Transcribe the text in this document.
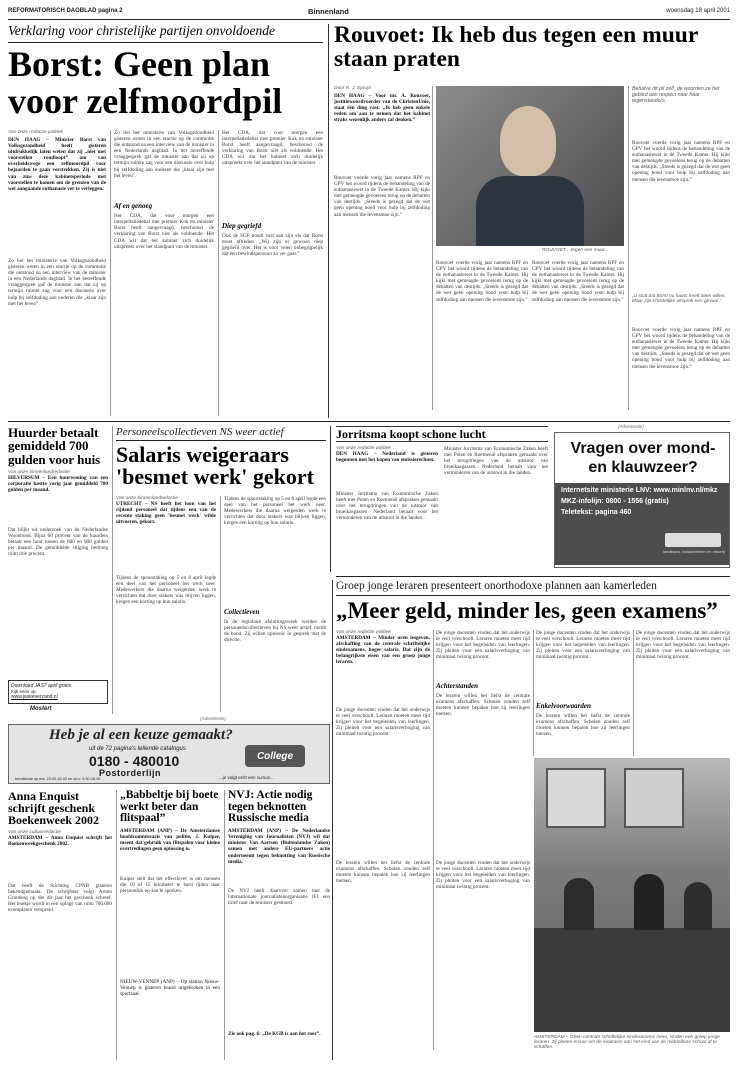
REFORMATORISCH DAGBLAD pagina 2	Binnenland	woensdag 18 april 2001
Verklaring voor christelijke partijen onvoldoende
Borst: Geen plan voor zelfmoordpil
Van onze redactie politiek
DEN HAAG – Minister Borst van Volksgezondheid heeft gisteren uitdrukkelijk laten weten dat zij „niet met voorstellen rondloopt” om van overheidswege een zelfmoordpil voor bejaarden te gaan verstrekken. Zij is niet van zins deze kabinetsperiode met voorstellen te komen om de grenzen van de wet aangaande euthanasie ver te verleggen.
Zo liet het ministerie van Volksgezondheid gisteren weten in een reactie op de commotie die ontstond na een interview van de minister in een Nederlands dagblad. In het betreffende vraaggesprek gaf de minister aan dat zij op termijn ruimte zag voor een discussie over hulp bij zelfdoding aan ouderen die „klaar zijn met het leven”.
Zo liet het ministerie van Volksgezondheid gisteren weten in een reactie op de commotie die ontstond na een interview van de minister in een Nederlands dagblad. In het betreffende vraaggesprek gaf de minister aan dat zij op termijn ruimte zag voor een discussie over hulp bij zelfdoding aan ouderen die „klaar zijn met het leven”.
Af en genoeg
Het CDA, dat voor morgen een interpellatiedebat met premier Kok en minister Borst heeft aangevraagd, beschouwt de verklaring van Borst niet als voldoende. Het CDA wil dat het kabinet zich duidelijk uitspreekt over het standpunt van de minister.
Het CDA, dat voor morgen een interpellatiedebat met premier Kok en minister Borst heeft aangevraagd, beschouwt de verklaring van Borst niet als voldoende. Het CDA wil dat het kabinet zich duidelijk uitspreekt over het standpunt van de minister.
Diep gegriefd
Ook de SGP houdt vast aan zijn eis dat Borst moet aftreden. „Wij zijn er gewoon diep gegriefd over. Het is voor velen onbegrijpelijk dat een bewindspersoon zo ver gaat.”
Rouvoet: Ik heb dus tegen een muur staan praten
Door R. J. Spruyt
DEN HAAG – Voor mr. A. Rouvoet, justitiewoordvoerder van de ChristenUnie, staat één ding vast: „Ik heb geen enkele reden om aan te nemen dat het kabinet straks wezenlijk anders zal denken.”
Rouvoet voerde vorig jaar namens RPF en GPV het woord tijdens de behandeling van de euthanasiewet in de Tweede Kamer. Hij kijkt met gemengde gevoelens terug op de debatten van destijds. „Steeds is gezegd dat de wet geen opening bood voor hulp bij zelfdoding aan mensen die levensmoe zijn.”
ROUVOET ...tegen een muur...
Rouvoet voerde vorig jaar namens RPF en GPV het woord tijdens de behandeling van de euthanasiewet in de Tweede Kamer. Hij kijkt met gemengde gevoelens terug op de debatten van destijds. „Steeds is gezegd dat de wet geen opening bood voor hulp bij zelfdoding aan mensen die levensmoe zijn.”
Rouvoet voerde vorig jaar namens RPF en GPV het woord tijdens de behandeling van de euthanasiewet in de Tweede Kamer. Hij kijkt met gemengde gevoelens terug op de debatten van destijds. „Steeds is gezegd dat de wet geen opening bood voor hulp bij zelfdoding aan mensen die levensmoe zijn.”
Behalve dit pil zelf, de woorden ze het gebied aan respect naar haar tegenstanders.
Rouvoet voerde vorig jaar namens RPF en GPV het woord tijdens de behandeling van de euthanasiewet in de Tweede Kamer. Hij kijkt met gemengde gevoelens terug op de debatten van destijds. „Steeds is gezegd dat de wet geen opening bood voor hulp bij zelfdoding aan mensen die levensmoe zijn.”
„U stuit dat Borst nu haast heeft laten willen. Maar zijn christelijke uitsprak een gevaar.”
Rouvoet voerde vorig jaar namens RPF en GPV het woord tijdens de behandeling van de euthanasiewet in de Tweede Kamer. Hij kijkt met gemengde gevoelens terug op de debatten van destijds. „Steeds is gezegd dat de wet geen opening bood voor hulp bij zelfdoding aan mensen die levensmoe zijn.”
Huurder betaalt gemiddeld 700 gulden voor huis
Van onze binnenlandredactie
HILVERSUM – Een huurwoning van een corporatie kostte vorig jaar gemiddeld 700 gulden per maand.
Dat blijkt uit onderzoek van de Nederlandse Woonbond. Bijna 60 procent van de huurders betaalt een huur tussen de 600 en 900 gulden per maand. De gemiddelde stijging bedroeg ruim drie procent.
Download JAS? april gratis
Kijk eens op:
www.jaskeverzand.nl
Mostert
Personeelscollectieven NS weer actief
Salaris weigeraars 'besmet werk' gekort
Van onze binnenlandredactie
UTRECHT – NS heeft het loon van het rijdend personeel dat tijdens een van de recente staking geen 'besmet werk' wilde uitvoeren, gekort.
Tijdens de spoorstaking op 5 en 6 april legde een deel van het personeel het werk neer. Medewerkers die daarna weigerden werk te verrichten dat door stakers was blijven liggen, kregen een korting op hun salaris.
Tijdens de spoorstaking op 5 en 6 april legde een deel van het personeel het werk neer. Medewerkers die daarna weigerden werk te verrichten dat door stakers was blijven liggen, kregen een korting op hun salaris.
Collectieven
In de regiobare afsluitingsweek werden de personeelscollectieven bij NS weer actief, meldt de bond. Zij willen opnieuw in gesprek met de directie.
Jorritsma koopt schone lucht
Van onze redactie politiek
DEN HAAG – Nederland is gisteren begonnen met het kopen van emissierechten.
Minister Jorritsma van Economische Zaken heeft met Polen en Roemenië afspraken gemaakt over het terugdringen van de uitstoot van broeikasgassen. Nederland betaalt voor het verminderen van de uitstoot in die landen.
Minister Jorritsma van Economische Zaken heeft met Polen en Roemenië afspraken gemaakt over het terugdringen van de uitstoot van broeikasgassen. Nederland betaalt voor het verminderen van de uitstoot in die landen.
(Advertentie)
Vragen over mond- en klauwzeer?
Internetsite ministerie LNV: www.minlnv.nl/mkz
MKZ-infolijn: 0800 - 1556 (gratis)
Teletekst: pagina 460
landbouw, natuurbeheer en visserij
(Advertentie)
Heb je al een keuze gemaakt?
uit de 72 pagina's tellende catalogus
0180 - 480010
Postorderlijn
bereikbaar op ma. 23.00-16.00 en do.v. 9.30-16.00
College
...je volgt echt een cursus...
Groep jonge leraren presenteert onorthodoxe plannen aan kamerleden
„Meer geld, minder les, geen examens”
Van onze redactie politiek
AMSTERDAM – Minder uren lesgeven, afschaffing van de centrale schriftelijke eindexamens, hoger salaris. Dat zijn de belangrijkste eisen van een groep jonge leraren.
De jonge docenten vinden dat het onderwijs te veel verschoolt. Leraren moeten meer tijd krijgen voor het begeleiden van leerlingen. Zij pleiten voor een salarisverhoging van minimaal twintig procent.
De jonge docenten vinden dat het onderwijs te veel verschoolt. Leraren moeten meer tijd krijgen voor het begeleiden van leerlingen. Zij pleiten voor een salarisverhoging van minimaal twintig procent.
Achterstanden
De leraren willen het liefst de centrale examens afschaffen. Scholen zouden zelf moeten kunnen bepalen hoe zij leerlingen toetsen.
De jonge docenten vinden dat het onderwijs te veel verschoolt. Leraren moeten meer tijd krijgen voor het begeleiden van leerlingen. Zij pleiten voor een salarisverhoging van minimaal twintig procent.
Enkelvoorwaarden
De leraren willen het liefst de centrale examens afschaffen. Scholen zouden zelf moeten kunnen bepalen hoe zij leerlingen toetsen.
De jonge docenten vinden dat het onderwijs te veel verschoolt. Leraren moeten meer tijd krijgen voor het begeleiden van leerlingen. Zij pleiten voor een salarisverhoging van minimaal twintig procent.
AMSTERDAM – Geen centrale schriftelijke eindexamens meer, vinden een groep jonge leraren. Zij pleiten ervoor om de examens aan het eind van de middelbare school af te schaffen.
De leraren willen het liefst de centrale examens afschaffen. Scholen zouden zelf moeten kunnen bepalen hoe zij leerlingen toetsen.
De jonge docenten vinden dat het onderwijs te veel verschoolt. Leraren moeten meer tijd krijgen voor het begeleiden van leerlingen. Zij pleiten voor een salarisverhoging van minimaal twintig procent.
Anna Enquist schrijft geschenk Boekenweek 2002
Van onze cultuurredactie
AMSTERDAM – Anna Enquist schrijft het Boekenweekgeschenk 2002.
Dat heeft de Stichting CPNB gisteren bekendgemaakt. De schrijfster volgt Arnon Grunberg op die dit jaar het geschenk schreef. Het boekje wordt in een oplage van ruim 700.000 exemplaren verspreid.
„Babbeltje bij boete werkt beter dan flitspaal”
AMSTERDAM (ANP) – De Amsterdamse hoofdcommissaris van politie, J. Kuiper, meent dat gebruik van flitspalen voor kleine overtredingen geen oplossing is.
Kuiper stelt dat het effectiever is om mensen die 10 of 15 kilometer te hard rijden daar persoonlijk op aan te spreken.
NIEUW-VENNEP (ANP) – Op station Nieuw-Vennep is gisteren brand uitgebroken in een sportzaal.
NVJ: Actie nodig tegen beknotten Russische media
AMSTERDAM (ANP) – De Nederlandse Vereniging van Journalisten (NVJ) wil dat minister Van Aartsen (Buitenlandse Zaken) samen met andere EU-partners actie onderneemt tegen beknotting van Russische media.
De NVJ heeft daarover samen met de internationale journalistenorganisatie IFJ een brief naar de minister gestuurd.
Zie ook pag. 6: „De KGB is aan het roer”.
